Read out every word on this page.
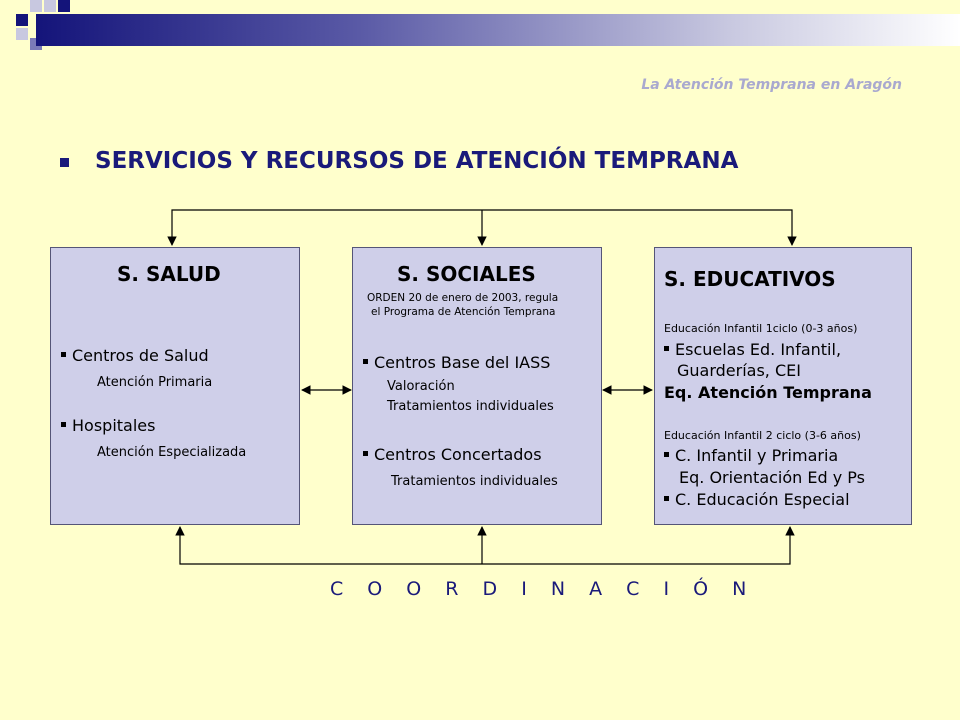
La Atención Temprana en Aragón
SERVICIOS Y RECURSOS DE ATENCIÓN TEMPRANA
S. SALUD
Centros de Salud
Atención Primaria
Hospitales
Atención Especializada
S. SOCIALES
ORDEN 20 de enero de 2003, regula
el Programa de Atención Temprana
Centros Base del IASS
Valoración
Tratamientos individuales
Centros Concertados
Tratamientos individuales
S. EDUCATIVOS
Educación Infantil 1ciclo (0-3 años)
Escuelas Ed. Infantil,
Guarderías, CEI
Eq. Atención Temprana
Educación Infantil 2 ciclo (3-6 años)
C. Infantil y Primaria
Eq. Orientación Ed y Ps
C. Educación Especial
C O O R D I N A C I Ó N
